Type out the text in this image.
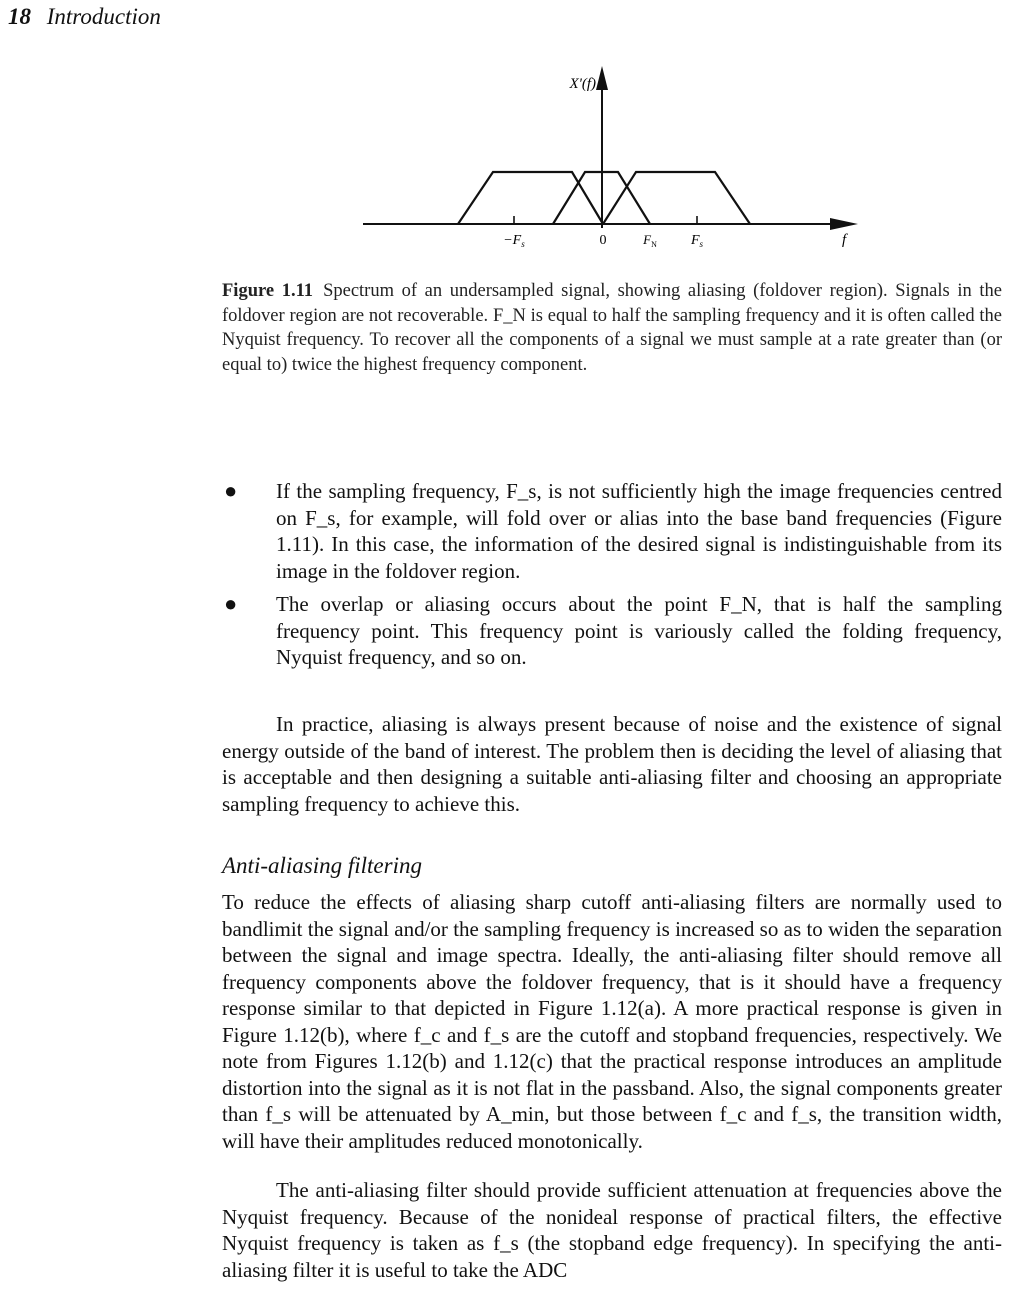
18 Introduction
X'(f)
f
$-F_s$	0	$F_N$ $F_s$
Figure 1.11 Spectrum of an undersampled signal, showing aliasing (foldover region). Signals in the foldover region are not recoverable. F_N is equal to half the sampling frequency and it is often called the Nyquist frequency. To recover all the components of a signal we must sample at a rate greater than (or equal to) twice the highest frequency component.
● If the sampling frequency, F_s, is not sufficiently high the image frequencies centred on F_s, for example, will fold over or alias into the base band frequencies (Figure 1.11). In this case, the information of the desired signal is indistinguishable from its image in the foldover region.
● The overlap or aliasing occurs about the point F_N, that is half the sampling frequency point. This frequency point is variously called the folding frequency, Nyquist frequency, and so on.
In practice, aliasing is always present because of noise and the existence of signal energy outside of the band of interest. The problem then is deciding the level of aliasing that is acceptable and then designing a suitable anti-aliasing filter and choosing an appropriate sampling frequency to achieve this.
Anti-aliasing filtering
To reduce the effects of aliasing sharp cutoff anti-aliasing filters are normally used to bandlimit the signal and/or the sampling frequency is increased so as to widen the separation between the signal and image spectra. Ideally, the anti-aliasing filter should remove all frequency components above the foldover frequency, that is it should have a frequency response similar to that depicted in Figure 1.12(a). A more practical response is given in Figure 1.12(b), where f_c and f_s are the cutoff and stopband frequencies, respectively. We note from Figures 1.12(b) and 1.12(c) that the practical response introduces an amplitude distortion into the signal as it is not flat in the passband. Also, the signal components greater than f_s will be attenuated by A_min, but those between f_c and f_s, the transition width, will have their amplitudes reduced monotonically.
The anti-aliasing filter should provide sufficient attenuation at frequencies above the Nyquist frequency. Because of the nonideal response of practical filters, the effective Nyquist frequency is taken as f_s (the stopband edge frequency). In specifying the anti-aliasing filter it is useful to take the ADC
